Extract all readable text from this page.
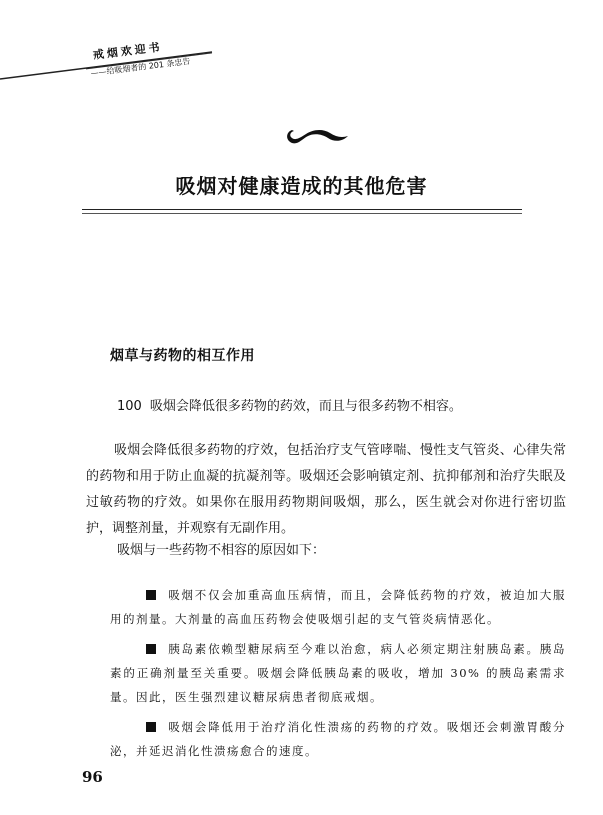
戒烟欢迎书
——给吸烟者的 201 条忠告
吸烟对健康造成的其他危害
烟草与药物的相互作用
100 吸烟会降低很多药物的药效，而且与很多药物不相容。
吸烟会降低很多药物的疗效，包括治疗支气管哮喘、慢性支气管炎、心律失常的药物和用于防止血凝的抗凝剂等。吸烟还会影响镇定剂、抗抑郁剂和治疗失眠及过敏药物的疗效。如果你在服用药物期间吸烟，那么，医生就会对你进行密切监护，调整剂量，并观察有无副作用。
吸烟与一些药物不相容的原因如下：

吸烟不仅会加重高血压病情，而且，会降低药物的疗效，被迫加大服用的剂量。大剂量的高血压药物会使吸烟引起的支气管炎病情恶化。

胰岛素依赖型糖尿病至今难以治愈，病人必须定期注射胰岛素。胰岛素的正确剂量至关重要。吸烟会降低胰岛素的吸收，增加 30% 的胰岛素需求量。因此，医生强烈建议糖尿病患者彻底戒烟。

吸烟会降低用于治疗消化性溃疡的药物的疗效。吸烟还会刺激胃酸分泌，并延迟消化性溃疡愈合的速度。

96
